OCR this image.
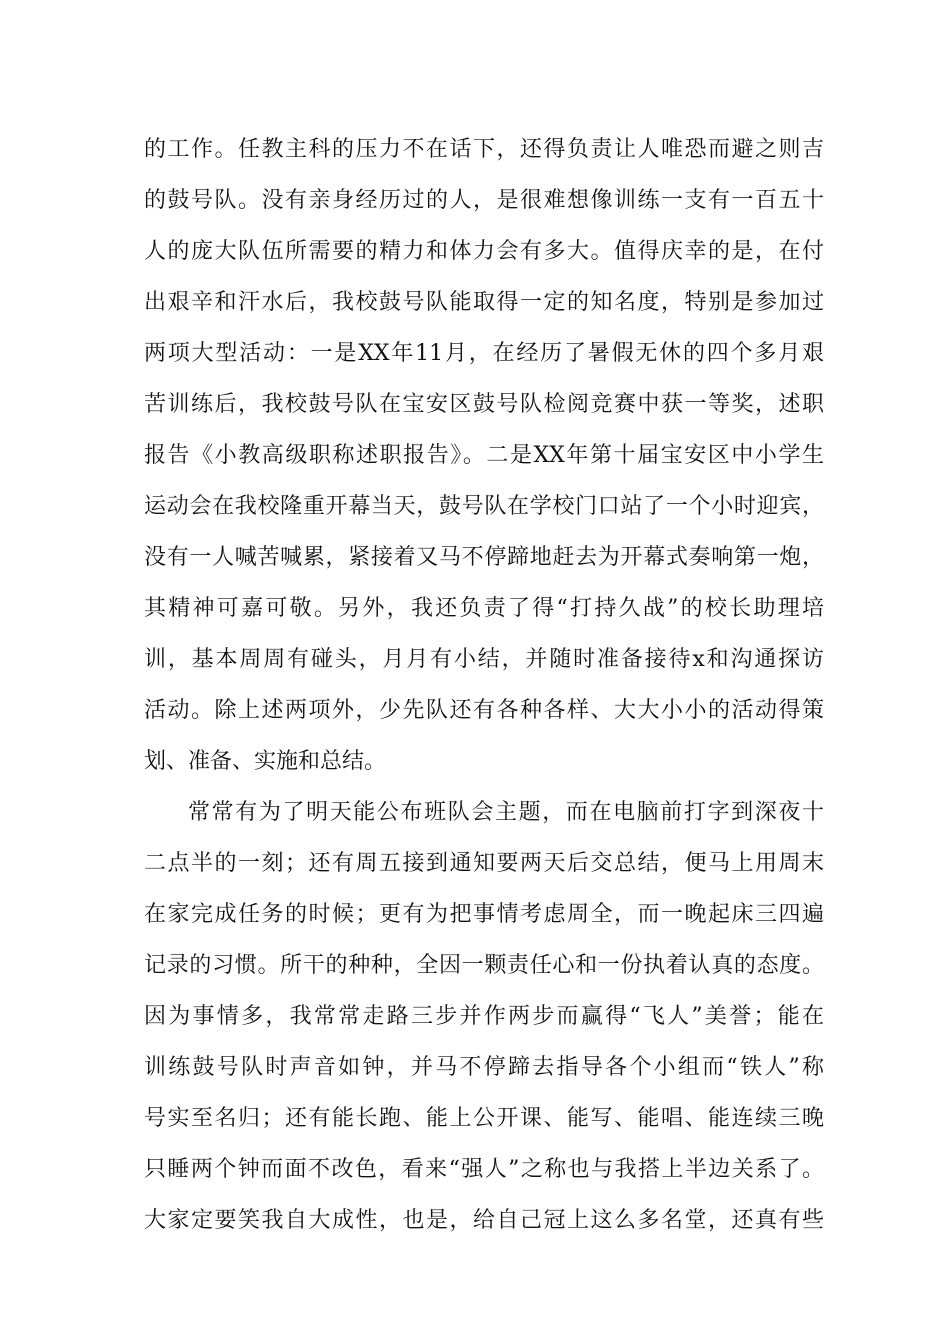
的工作。任教主科的压力不在话下，还得负责让人唯恐而避之则吉
的鼓号队。没有亲身经历过的人，是很难想像训练一支有一百五十
人的庞大队伍所需要的精力和体力会有多大。值得庆幸的是，在付
出艰辛和汗水后，我校鼓号队能取得一定的知名度，特别是参加过
两项大型活动：一是XX年11月，在经历了暑假无休的四个多月艰
苦训练后，我校鼓号队在宝安区鼓号队检阅竞赛中获一等奖，述职
报告《小教高级职称述职报告》。二是XX年第十届宝安区中小学生
运动会在我校隆重开幕当天，鼓号队在学校门口站了一个小时迎宾，
没有一人喊苦喊累，紧接着又马不停蹄地赶去为开幕式奏响第一炮，
其精神可嘉可敬。另外，我还负责了得“打持久战”的校长助理培
训，基本周周有碰头，月月有小结，并随时准备接待x和沟通探访
活动。除上述两项外，少先队还有各种各样、大大小小的活动得策
划、准备、实施和总结。
常常有为了明天能公布班队会主题，而在电脑前打字到深夜十
二点半的一刻；还有周五接到通知要两天后交总结，便马上用周末
在家完成任务的时候；更有为把事情考虑周全，而一晚起床三四遍
记录的习惯。所干的种种，全因一颗责任心和一份执着认真的态度。
因为事情多，我常常走路三步并作两步而赢得“飞人”美誉；能在
训练鼓号队时声音如钟，并马不停蹄去指导各个小组而“铁人”称
号实至名归；还有能长跑、能上公开课、能写、能唱、能连续三晚
只睡两个钟而面不改色，看来“强人”之称也与我搭上半边关系了。
大家定要笑我自大成性，也是，给自己冠上这么多名堂，还真有些
